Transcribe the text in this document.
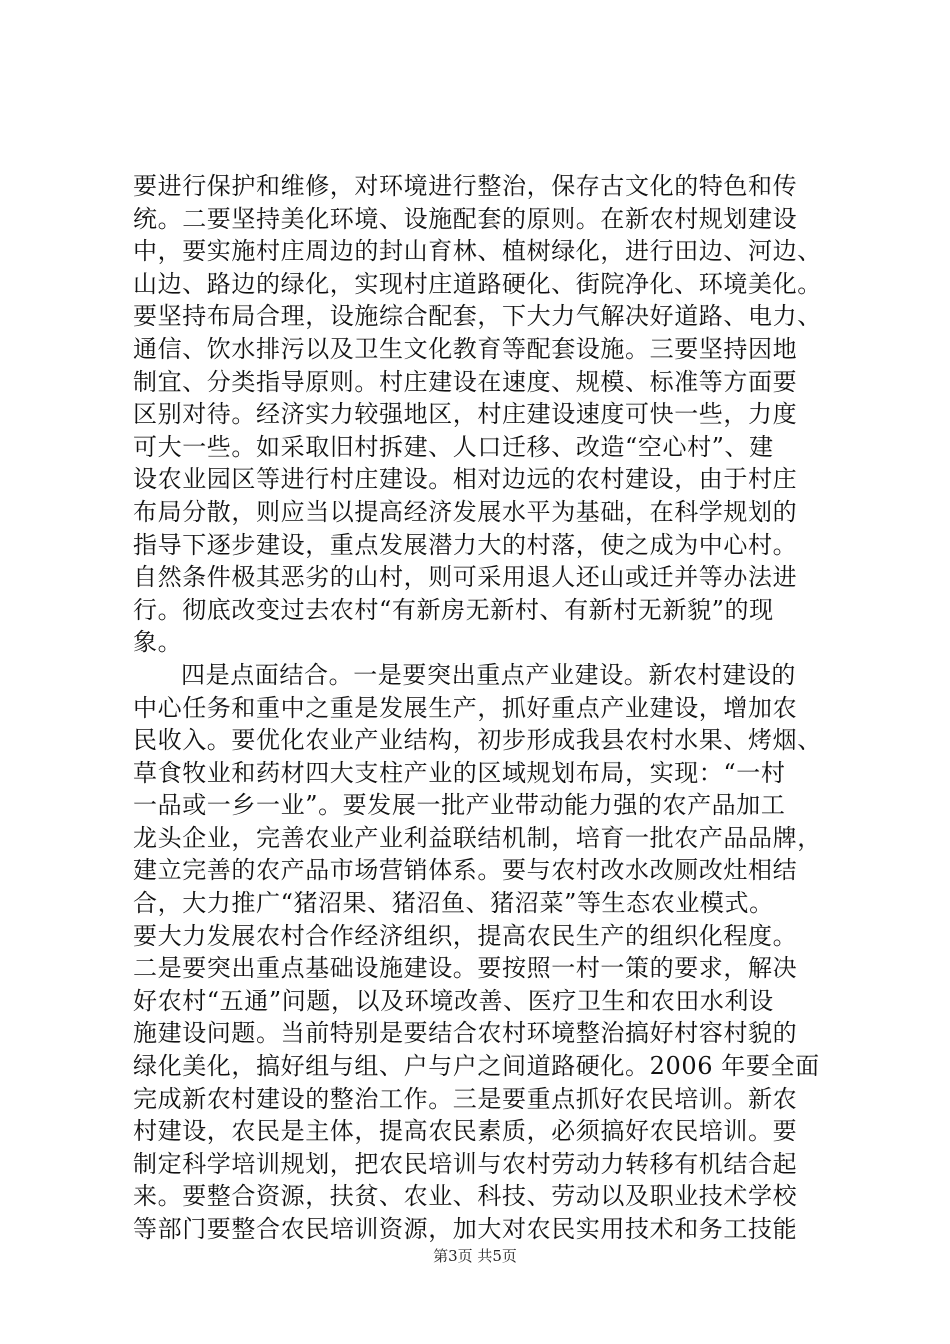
要进行保护和维修，对环境进行整治，保存古文化的特色和传
统。二要坚持美化环境、设施配套的原则。在新农村规划建设
中，要实施村庄周边的封山育林、植树绿化，进行田边、河边、
山边、路边的绿化，实现村庄道路硬化、街院净化、环境美化。
要坚持布局合理，设施综合配套，下大力气解决好道路、电力、
通信、饮水排污以及卫生文化教育等配套设施。三要坚持因地
制宜、分类指导原则。村庄建设在速度、规模、标准等方面要
区别对待。经济实力较强地区，村庄建设速度可快一些，力度
可大一些。如采取旧村拆建、人口迁移、改造“空心村”、建
设农业园区等进行村庄建设。相对边远的农村建设，由于村庄
布局分散，则应当以提高经济发展水平为基础，在科学规划的
指导下逐步建设，重点发展潜力大的村落，使之成为中心村。
自然条件极其恶劣的山村，则可采用退人还山或迁并等办法进
行。彻底改变过去农村“有新房无新村、有新村无新貌”的现
象。
四是点面结合。一是要突出重点产业建设。新农村建设的
中心任务和重中之重是发展生产，抓好重点产业建设，增加农
民收入。要优化农业产业结构，初步形成我县农村水果、烤烟、
草食牧业和药材四大支柱产业的区域规划布局，实现：“一村
一品或一乡一业”。要发展一批产业带动能力强的农产品加工
龙头企业，完善农业产业利益联结机制，培育一批农产品品牌，
建立完善的农产品市场营销体系。要与农村改水改厕改灶相结
合，大力推广“猪沼果、猪沼鱼、猪沼菜”等生态农业模式。
要大力发展农村合作经济组织，提高农民生产的组织化程度。
二是要突出重点基础设施建设。要按照一村一策的要求，解决
好农村“五通”问题，以及环境改善、医疗卫生和农田水利设
施建设问题。当前特别是要结合农村环境整治搞好村容村貌的
绿化美化，搞好组与组、户与户之间道路硬化。2006 年要全面
完成新农村建设的整治工作。三是要重点抓好农民培训。新农
村建设，农民是主体，提高农民素质，必须搞好农民培训。要
制定科学培训规划，把农民培训与农村劳动力转移有机结合起
来。要整合资源，扶贫、农业、科技、劳动以及职业技术学校
等部门要整合农民培训资源，加大对农民实用技术和务工技能
第3页 共5页
